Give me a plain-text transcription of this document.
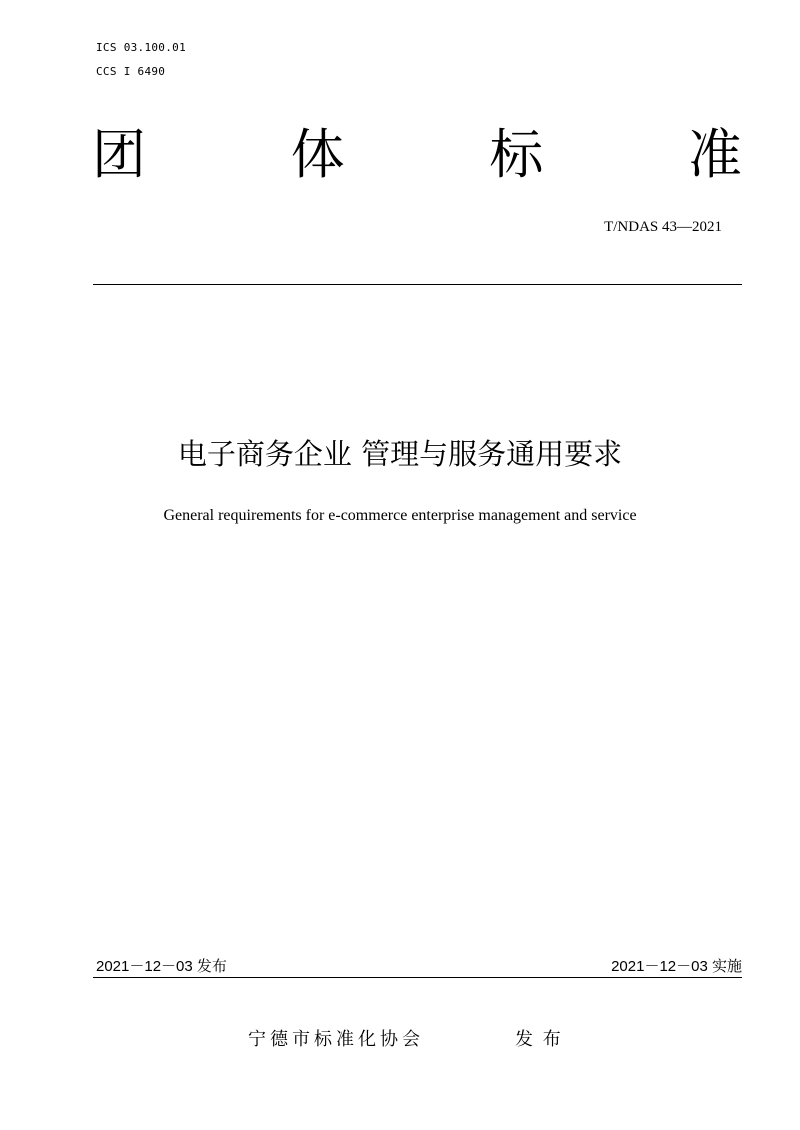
ICS 03.100.01
CCS I 6490
团	体	标	准
T/NDAS 43—2021
电子商务企业 管理与服务通用要求
General requirements for e-commerce enterprise management and service
2021－12－03 发布	2021－12－03 实施
宁德市标准化协会	发 布
